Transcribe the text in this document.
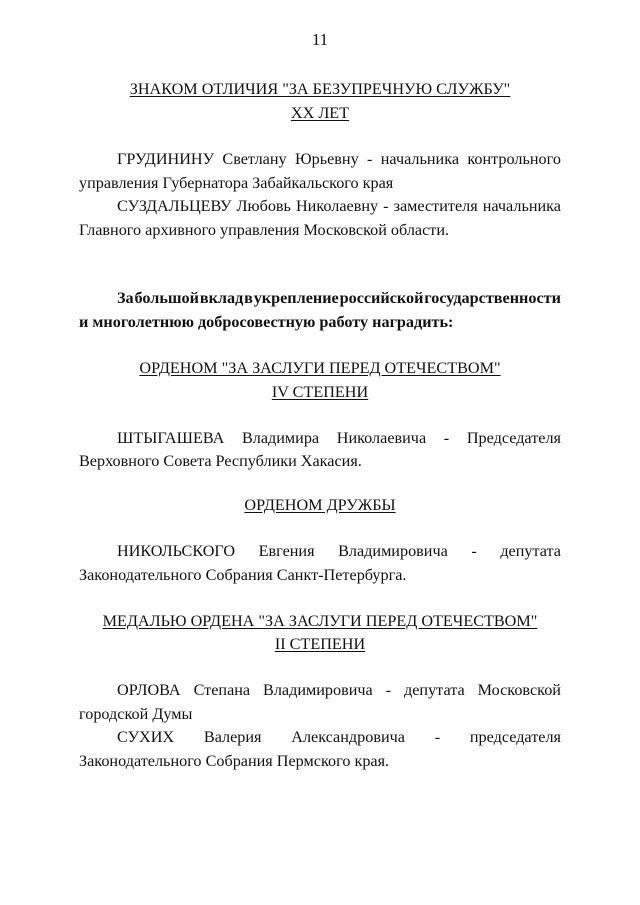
11
ЗНАКОМ ОТЛИЧИЯ "ЗА БЕЗУПРЕЧНУЮ СЛУЖБУ"
XX ЛЕТ
ГРУДИНИНУ Светлану Юрьевну - начальника контрольного
управления Губернатора Забайкальского края
СУЗДАЛЬЦЕВУ Любовь Николаевну - заместителя начальника
Главного архивного управления Московской области.
За большой вклад в укрепление российской государственности
и многолетнюю добросовестную работу наградить:
ОРДЕНОМ "ЗА ЗАСЛУГИ ПЕРЕД ОТЕЧЕСТВОМ"
IV СТЕПЕНИ
ШТЫГАШЕВА Владимира Николаевича - Председателя
Верховного Совета Республики Хакасия.
ОРДЕНОМ ДРУЖБЫ
НИКОЛЬСКОГО Евгения Владимировича - депутата
Законодательного Собрания Санкт-Петербурга.
МЕДАЛЬЮ ОРДЕНА "ЗА ЗАСЛУГИ ПЕРЕД ОТЕЧЕСТВОМ"
II СТЕПЕНИ
ОРЛОВА Степана Владимировича - депутата Московской
городской Думы
СУХИХ Валерия Александровича - председателя
Законодательного Собрания Пермского края.
